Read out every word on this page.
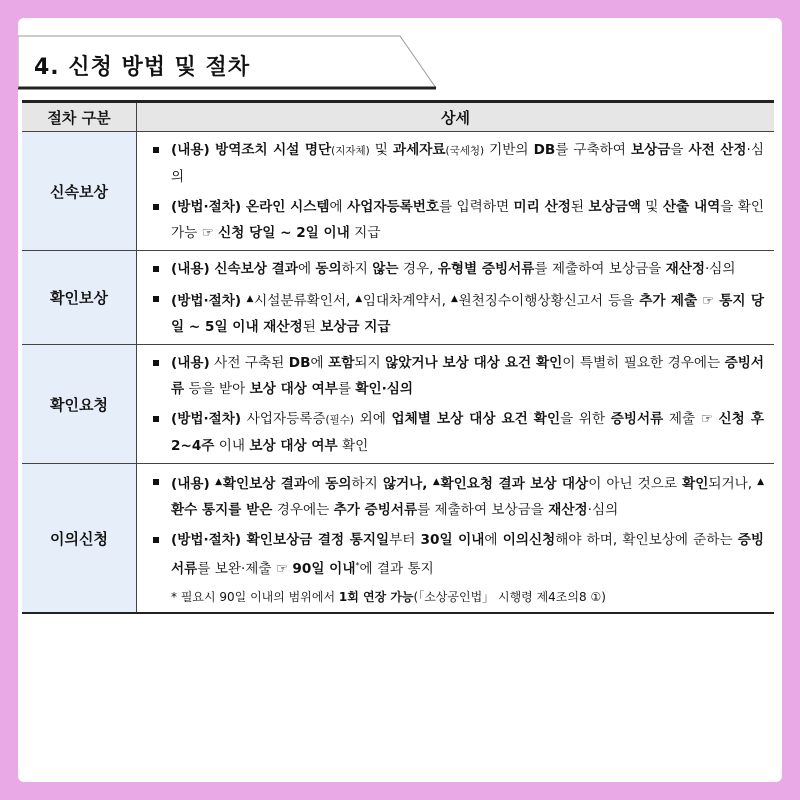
4. 신청 방법 및 절차
절차 구분	상세
신속보상	(내용) 방역조치 시설 명단(지자체) 및 과세자료(국세청) 기반의 DB를 구축하여 보상금을 사전 산정·심의
(방법·절차) 온라인 시스템에 사업자등록번호를 입력하면 미리 산정된 보상금액 및 산출 내역을 확인 가능 ☞ 신청 당일 ~ 2일 이내 지급

확인보상	(내용) 신속보상 결과에 동의하지 않는 경우, 유형별 증빙서류를 제출하여 보상금을 재산정·심의
(방법·절차) ▲시설분류확인서, ▲임대차계약서, ▲원천징수이행상황신고서 등을 추가 제출 ☞ 통지 당일 ~ 5일 이내 재산정된 보상금 지급

확인요청	(내용) 사전 구축된 DB에 포함되지 않았거나 보상 대상 요건 확인이 특별히 필요한 경우에는 증빙서류 등을 받아 보상 대상 여부를 확인·심의
(방법·절차) 사업자등록증(필수) 외에 업체별 보상 대상 요건 확인을 위한 증빙서류 제출 ☞ 신청 후 2~4주 이내 보상 대상 여부 확인

이의신청	(내용) ▲확인보상 결과에 동의하지 않거나, ▲확인요청 결과 보상 대상이 아닌 것으로 확인되거나, ▲환수 통지를 받은 경우에는 추가 증빙서류를 제출하여 보상금을 재산정·심의
(방법·절차) 확인보상금 결정 통지일부터 30일 이내에 이의신청해야 하며, 확인보상에 준하는 증빙서류를 보완·제출 ☞ 90일 이내*에 결과 통지
* 필요시 90일 이내의 범위에서 1회 연장 가능(「소상공인법」 시행령 제4조의8 ①)
